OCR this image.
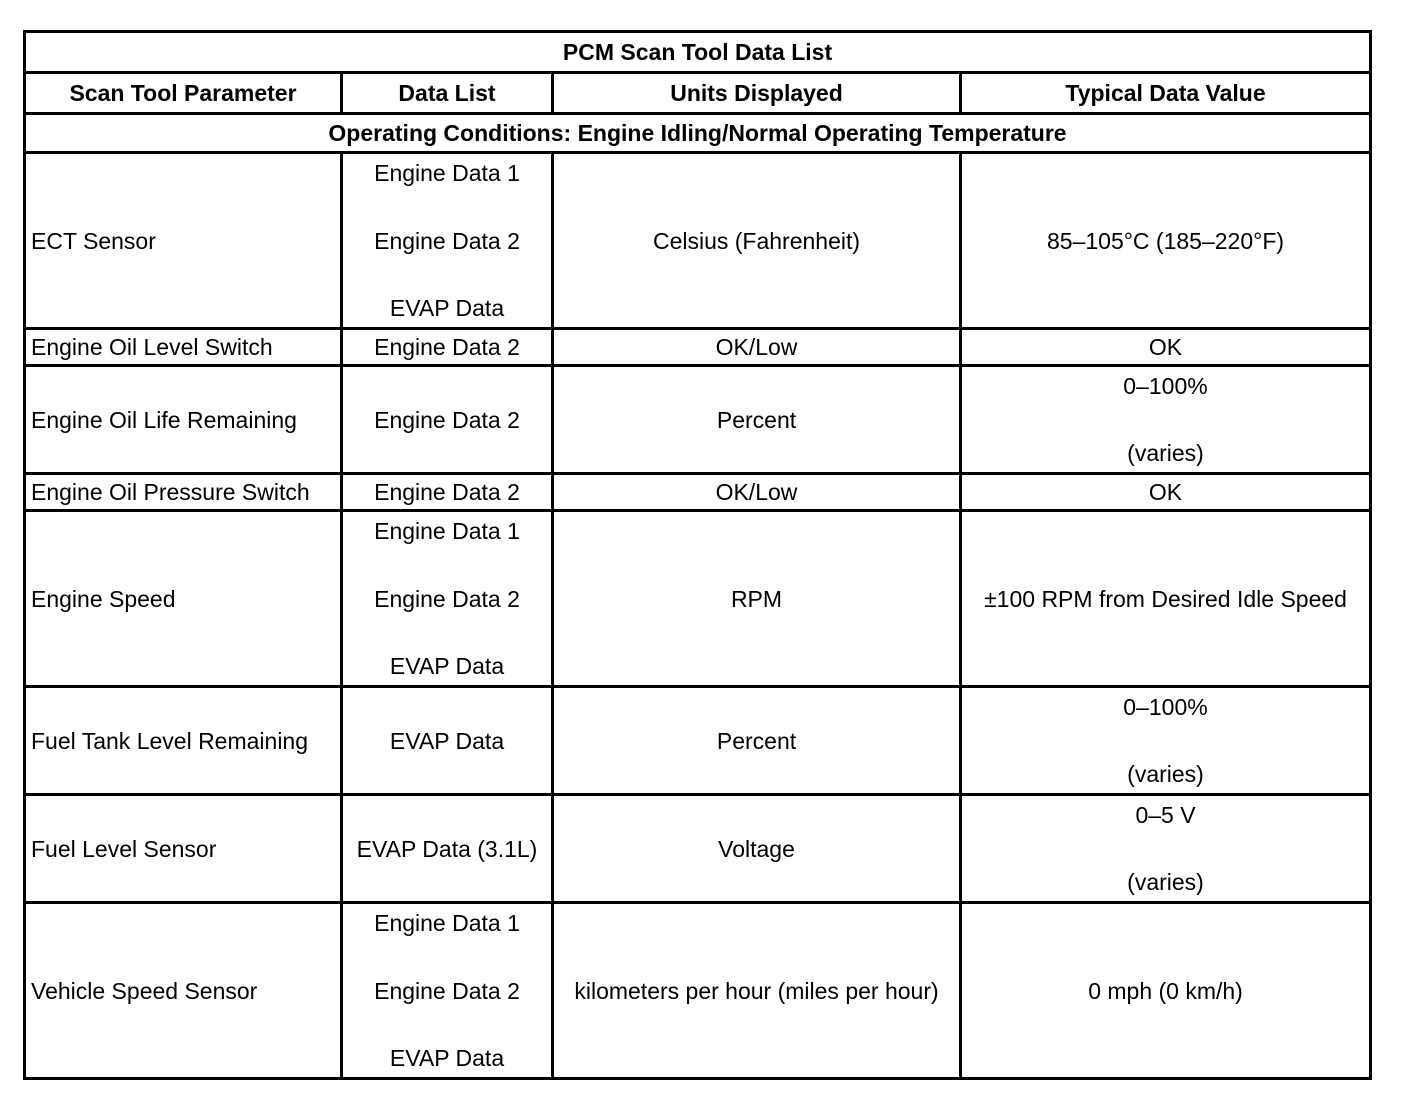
PCM Scan Tool Data List			
Scan Tool Parameter	Data List	Units Displayed	Typical Data Value
Operating Conditions: Engine Idling/Normal Operating Temperature			
ECT Sensor	Engine Data 1
Engine Data 2
EVAP Data	Celsius (Fahrenheit)	85–105°C (185–220°F)
Engine Oil Level Switch	Engine Data 2	OK/Low	OK
Engine Oil Life Remaining	Engine Data 2	Percent	0–100%
(varies)

Engine Oil Pressure Switch	Engine Data 2	OK/Low	OK
Engine Speed	Engine Data 1
Engine Data 2
EVAP Data	RPM	±100 RPM from Desired Idle Speed
Fuel Tank Level Remaining	EVAP Data	Percent	0–100%
(varies)

Fuel Level Sensor	EVAP Data (3.1L)	Voltage	0–5 V
(varies)

Vehicle Speed Sensor	Engine Data 1
Engine Data 2
EVAP Data	kilometers per hour (miles per hour)	0 mph (0 km/h)
